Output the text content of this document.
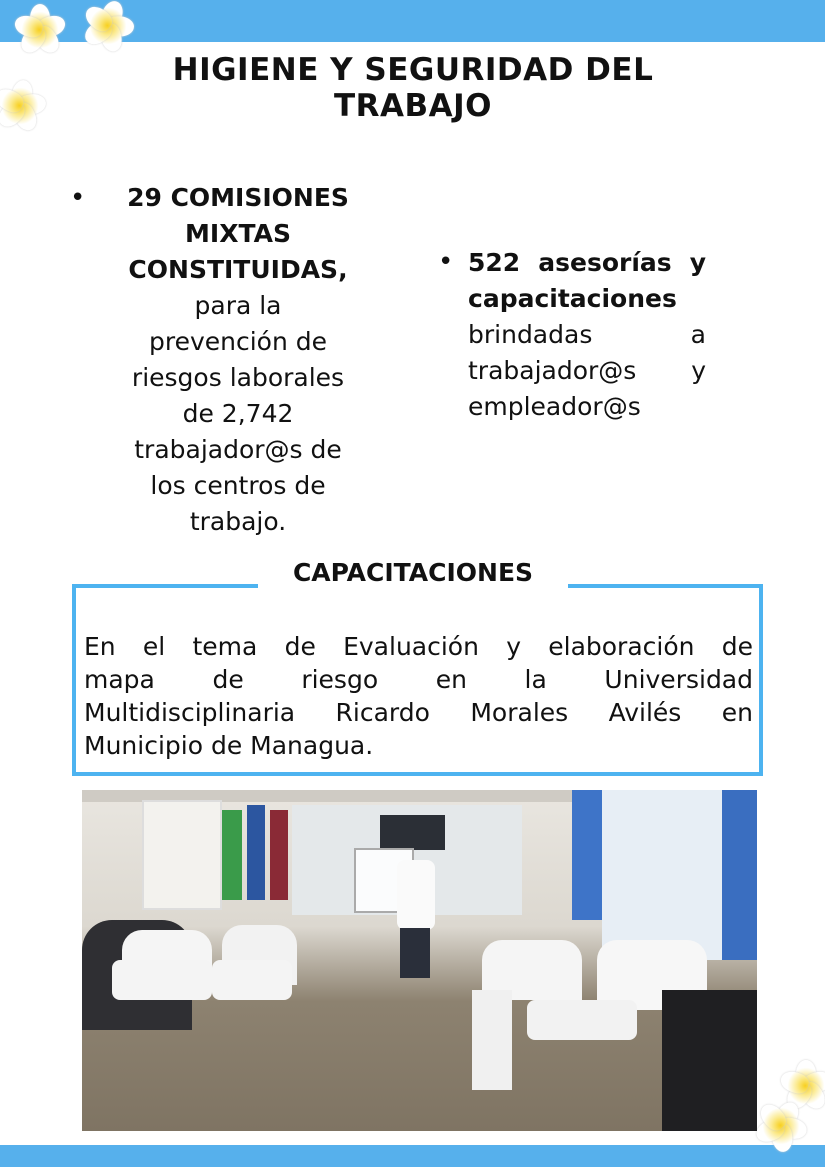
HIGIENE Y SEGURIDAD DEL TRABAJO
•	29 COMISIONES
MIXTAS
CONSTITUIDAS,
para la
prevención de
riesgos laborales
de 2,742
trabajador@s de
los centros de
trabajo.
• 522 asesorías y
capacitaciones
brindadas a
trabajador@s y
empleador@s
CAPACITACIONES
En el tema de Evaluación y elaboración de
mapa de riesgo en la Universidad
Multidisciplinaria Ricardo Morales Avilés en
Municipio de Managua.
